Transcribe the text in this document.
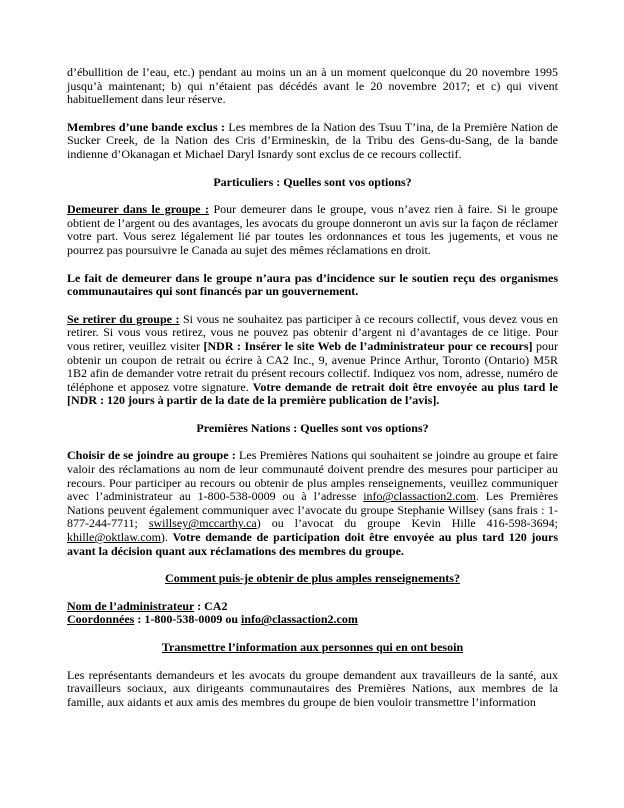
d’ébullition de l’eau, etc.) pendant au moins un an à un moment quelconque du 20 novembre 1995 jusqu’à maintenant; b) qui n’étaient pas décédés avant le 20 novembre 2017; et c) qui vivent habituellement dans leur réserve.

Membres d’une bande exclus : Les membres de la Nation des Tsuu T’ina, de la Première Nation de Sucker Creek, de la Nation des Cris d’Ermineskin, de la Tribu des Gens-du-Sang, de la bande indienne d’Okanagan et Michael Daryl Isnardy sont exclus de ce recours collectif.

Particuliers : Quelles sont vos options?

Demeurer dans le groupe : Pour demeurer dans le groupe, vous n’avez rien à faire. Si le groupe obtient de l’argent ou des avantages, les avocats du groupe donneront un avis sur la façon de réclamer votre part. Vous serez légalement lié par toutes les ordonnances et tous les jugements, et vous ne pourrez pas poursuivre le Canada au sujet des mêmes réclamations en droit.

Le fait de demeurer dans le groupe n’aura pas d’incidence sur le soutien reçu des organismes communautaires qui sont financés par un gouvernement.

Se retirer du groupe : Si vous ne souhaitez pas participer à ce recours collectif, vous devez vous en retirer. Si vous vous retirez, vous ne pouvez pas obtenir d’argent ni d’avantages de ce litige. Pour vous retirer, veuillez visiter [NDR : Insérer le site Web de l’administrateur pour ce recours] pour obtenir un coupon de retrait ou écrire à CA2 Inc., 9, avenue Prince Arthur, Toronto (Ontario) M5R 1B2 afin de demander votre retrait du présent recours collectif. Indiquez vos nom, adresse, numéro de téléphone et apposez votre signature. Votre demande de retrait doit être envoyée au plus tard le [NDR : 120 jours à partir de la date de la première publication de l’avis].

Premières Nations : Quelles sont vos options?

Choisir de se joindre au groupe : Les Premières Nations qui souhaitent se joindre au groupe et faire valoir des réclamations au nom de leur communauté doivent prendre des mesures pour participer au recours. Pour participer au recours ou obtenir de plus amples renseignements, veuillez communiquer avec l’administrateur au 1-800-538-0009 ou à l’adresse info@classaction2.com. Les Premières Nations peuvent également communiquer avec l’avocate du groupe Stephanie Willsey (sans frais : 1-877-244-7711; swillsey@mccarthy.ca) ou l’avocat du groupe Kevin Hille 416-598-3694; khille@oktlaw.com). Votre demande de participation doit être envoyée au plus tard 120 jours avant la décision quant aux réclamations des membres du groupe.

Comment puis-je obtenir de plus amples renseignements?

Nom de l’administrateur : CA2

Coordonnées : 1-800-538-0009 ou info@classaction2.com

Transmettre l’information aux personnes qui en ont besoin

Les représentants demandeurs et les avocats du groupe demandent aux travailleurs de la santé, aux travailleurs sociaux, aux dirigeants communautaires des Premières Nations, aux membres de la famille, aux aidants et aux amis des membres du groupe de bien vouloir transmettre l’information
